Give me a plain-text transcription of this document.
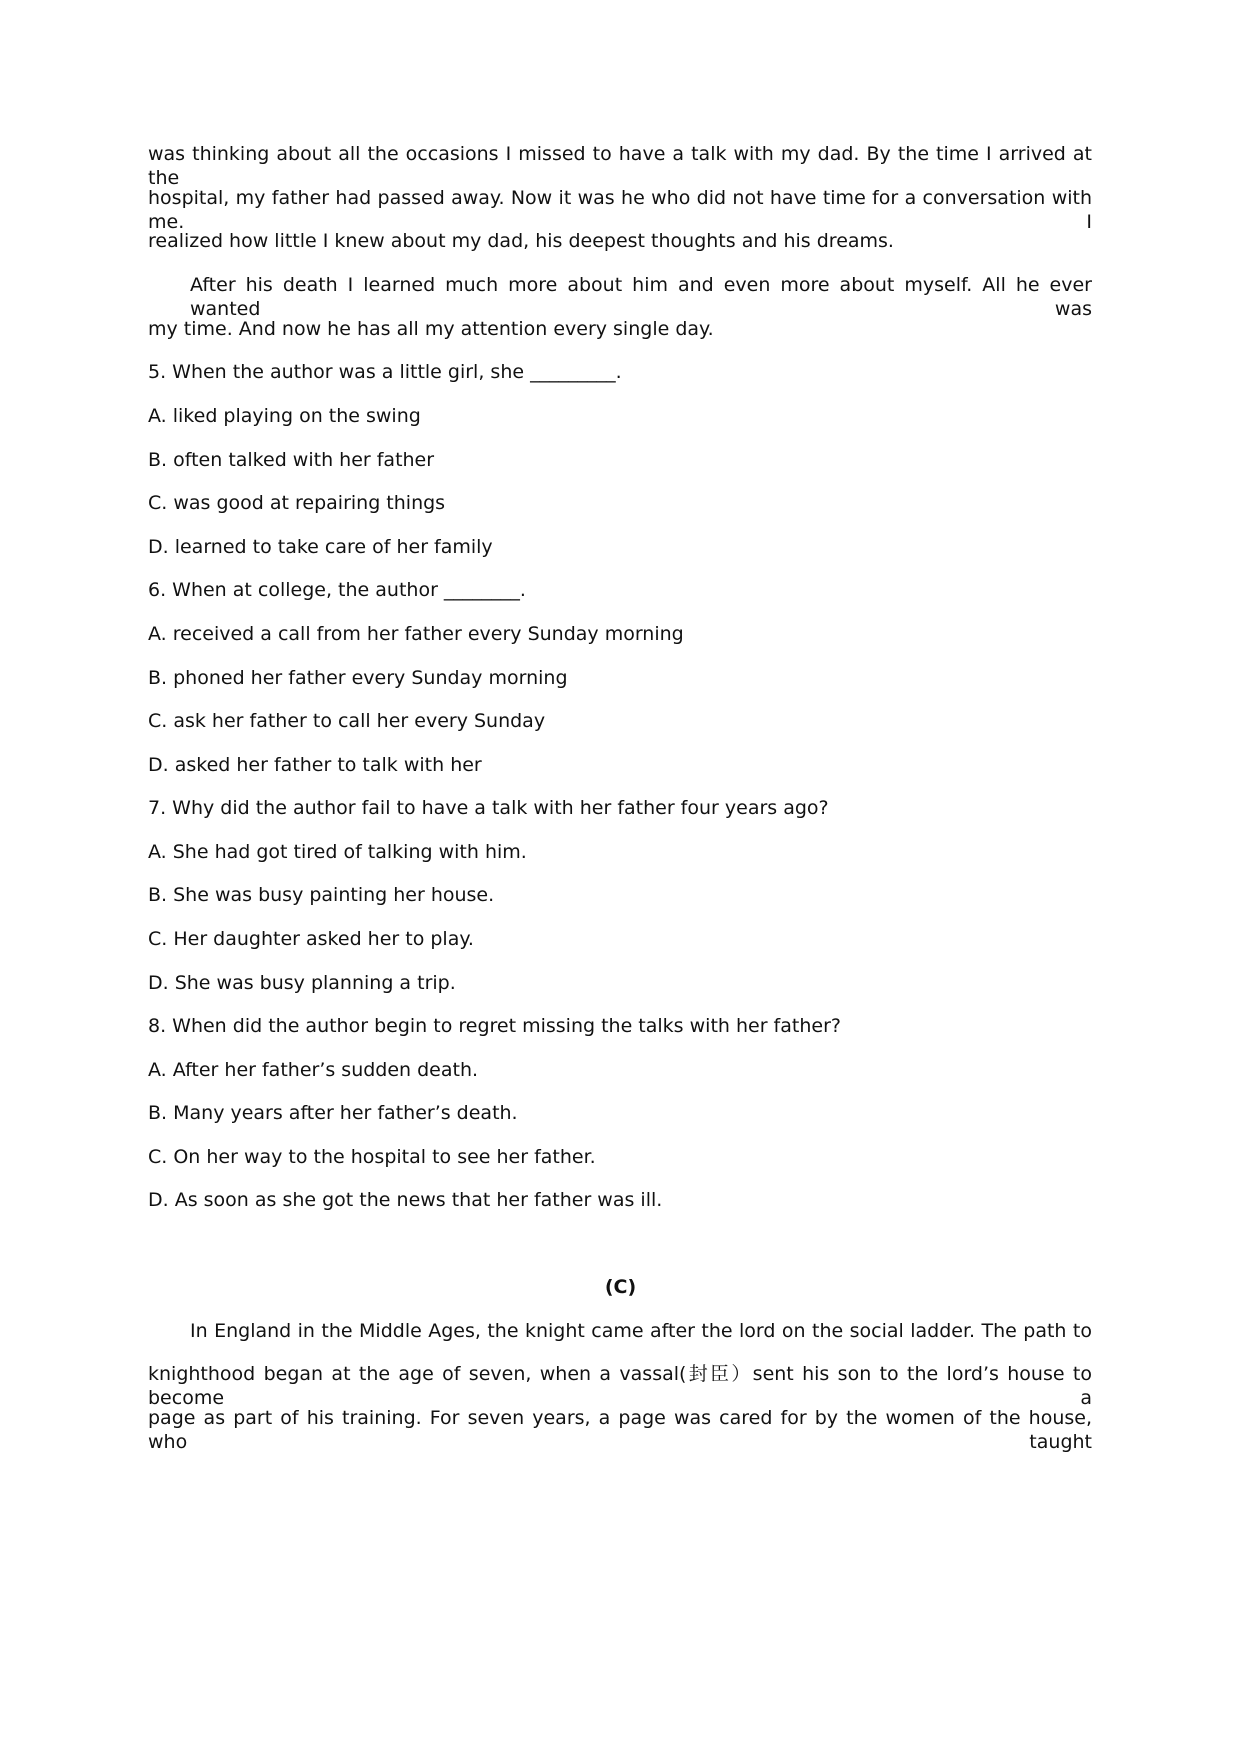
was thinking about all the occasions I missed to have a talk with my dad. By the time I arrived at the
hospital, my father had passed away. Now it was he who did not have time for a conversation with me. I
realized how little I knew about my dad, his deepest thoughts and his dreams.
After his death I learned much more about him and even more about myself. All he ever wanted was
my time. And now he has all my attention every single day.
5. When the author was a little girl, she _________.
A. liked playing on the swing
B. often talked with her father
C. was good at repairing things
D. learned to take care of her family
6. When at college, the author ________.
A. received a call from her father every Sunday morning
B. phoned her father every Sunday morning
C. ask her father to call her every Sunday
D. asked her father to talk with her
7. Why did the author fail to have a talk with her father four years ago?
A. She had got tired of talking with him.
B. She was busy painting her house.
C. Her daughter asked her to play.
D. She was busy planning a trip.
8. When did the author begin to regret missing the talks with her father?
A. After her father’s sudden death.
B. Many years after her father’s death.
C. On her way to the hospital to see her father.
D. As soon as she got the news that her father was ill.
(C)
In England in the Middle Ages, the knight came after the lord on the social ladder. The path to
knighthood began at the age of seven, when a vassal(封臣）sent his son to the lord’s house to become a
page as part of his training. For seven years, a page was cared for by the women of the house, who taught
